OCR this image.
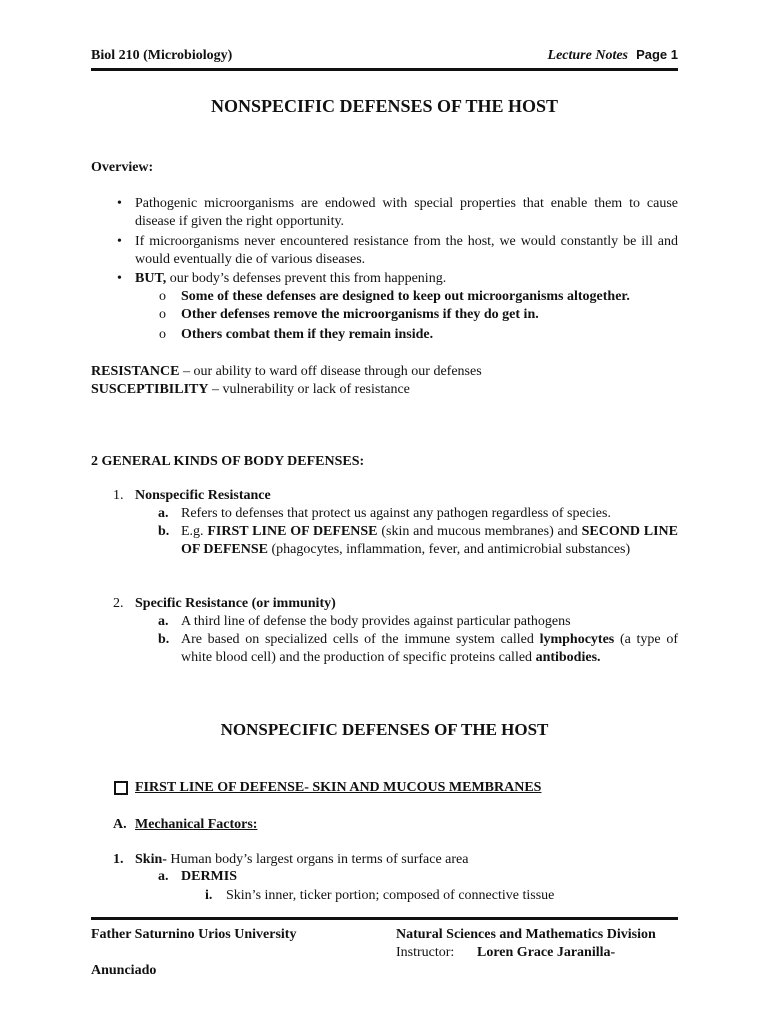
Biol 210 (Microbiology)	Lecture Notes Page 1
NONSPECIFIC DEFENSES OF THE HOST
Overview:
• Pathogenic microorganisms are endowed with special properties that enable them to cause disease if given the right opportunity.
• If microorganisms never encountered resistance from the host, we would constantly be ill and would eventually die of various diseases.
• BUT, our body’s defenses prevent this from happening.
o Some of these defenses are designed to keep out microorganisms altogether.
o Other defenses remove the microorganisms if they do get in.
o Others combat them if they remain inside.
RESISTANCE – our ability to ward off disease through our defenses
SUSCEPTIBILITY – vulnerability or lack of resistance
2 GENERAL KINDS OF BODY DEFENSES:
1. Nonspecific Resistance
a. Refers to defenses that protect us against any pathogen regardless of species.
b. E.g. FIRST LINE OF DEFENSE (skin and mucous membranes) and SECOND LINE OF DEFENSE (phagocytes, inflammation, fever, and antimicrobial substances)
2. Specific Resistance (or immunity)
a. A third line of defense the body provides against particular pathogens
b. Are based on specialized cells of the immune system called lymphocytes (a type of white blood cell) and the production of specific proteins called antibodies.
NONSPECIFIC DEFENSES OF THE HOST
FIRST LINE OF DEFENSE- SKIN AND MUCOUS MEMBRANES
A. Mechanical Factors:
1. Skin- Human body’s largest organs in terms of surface area
a. DERMIS
i. Skin’s inner, ticker portion; composed of connective tissue
Father Saturnino Urios University	Natural Sciences and Mathematics Division
Instructor: Loren Grace Jaranilla-
Anunciado
